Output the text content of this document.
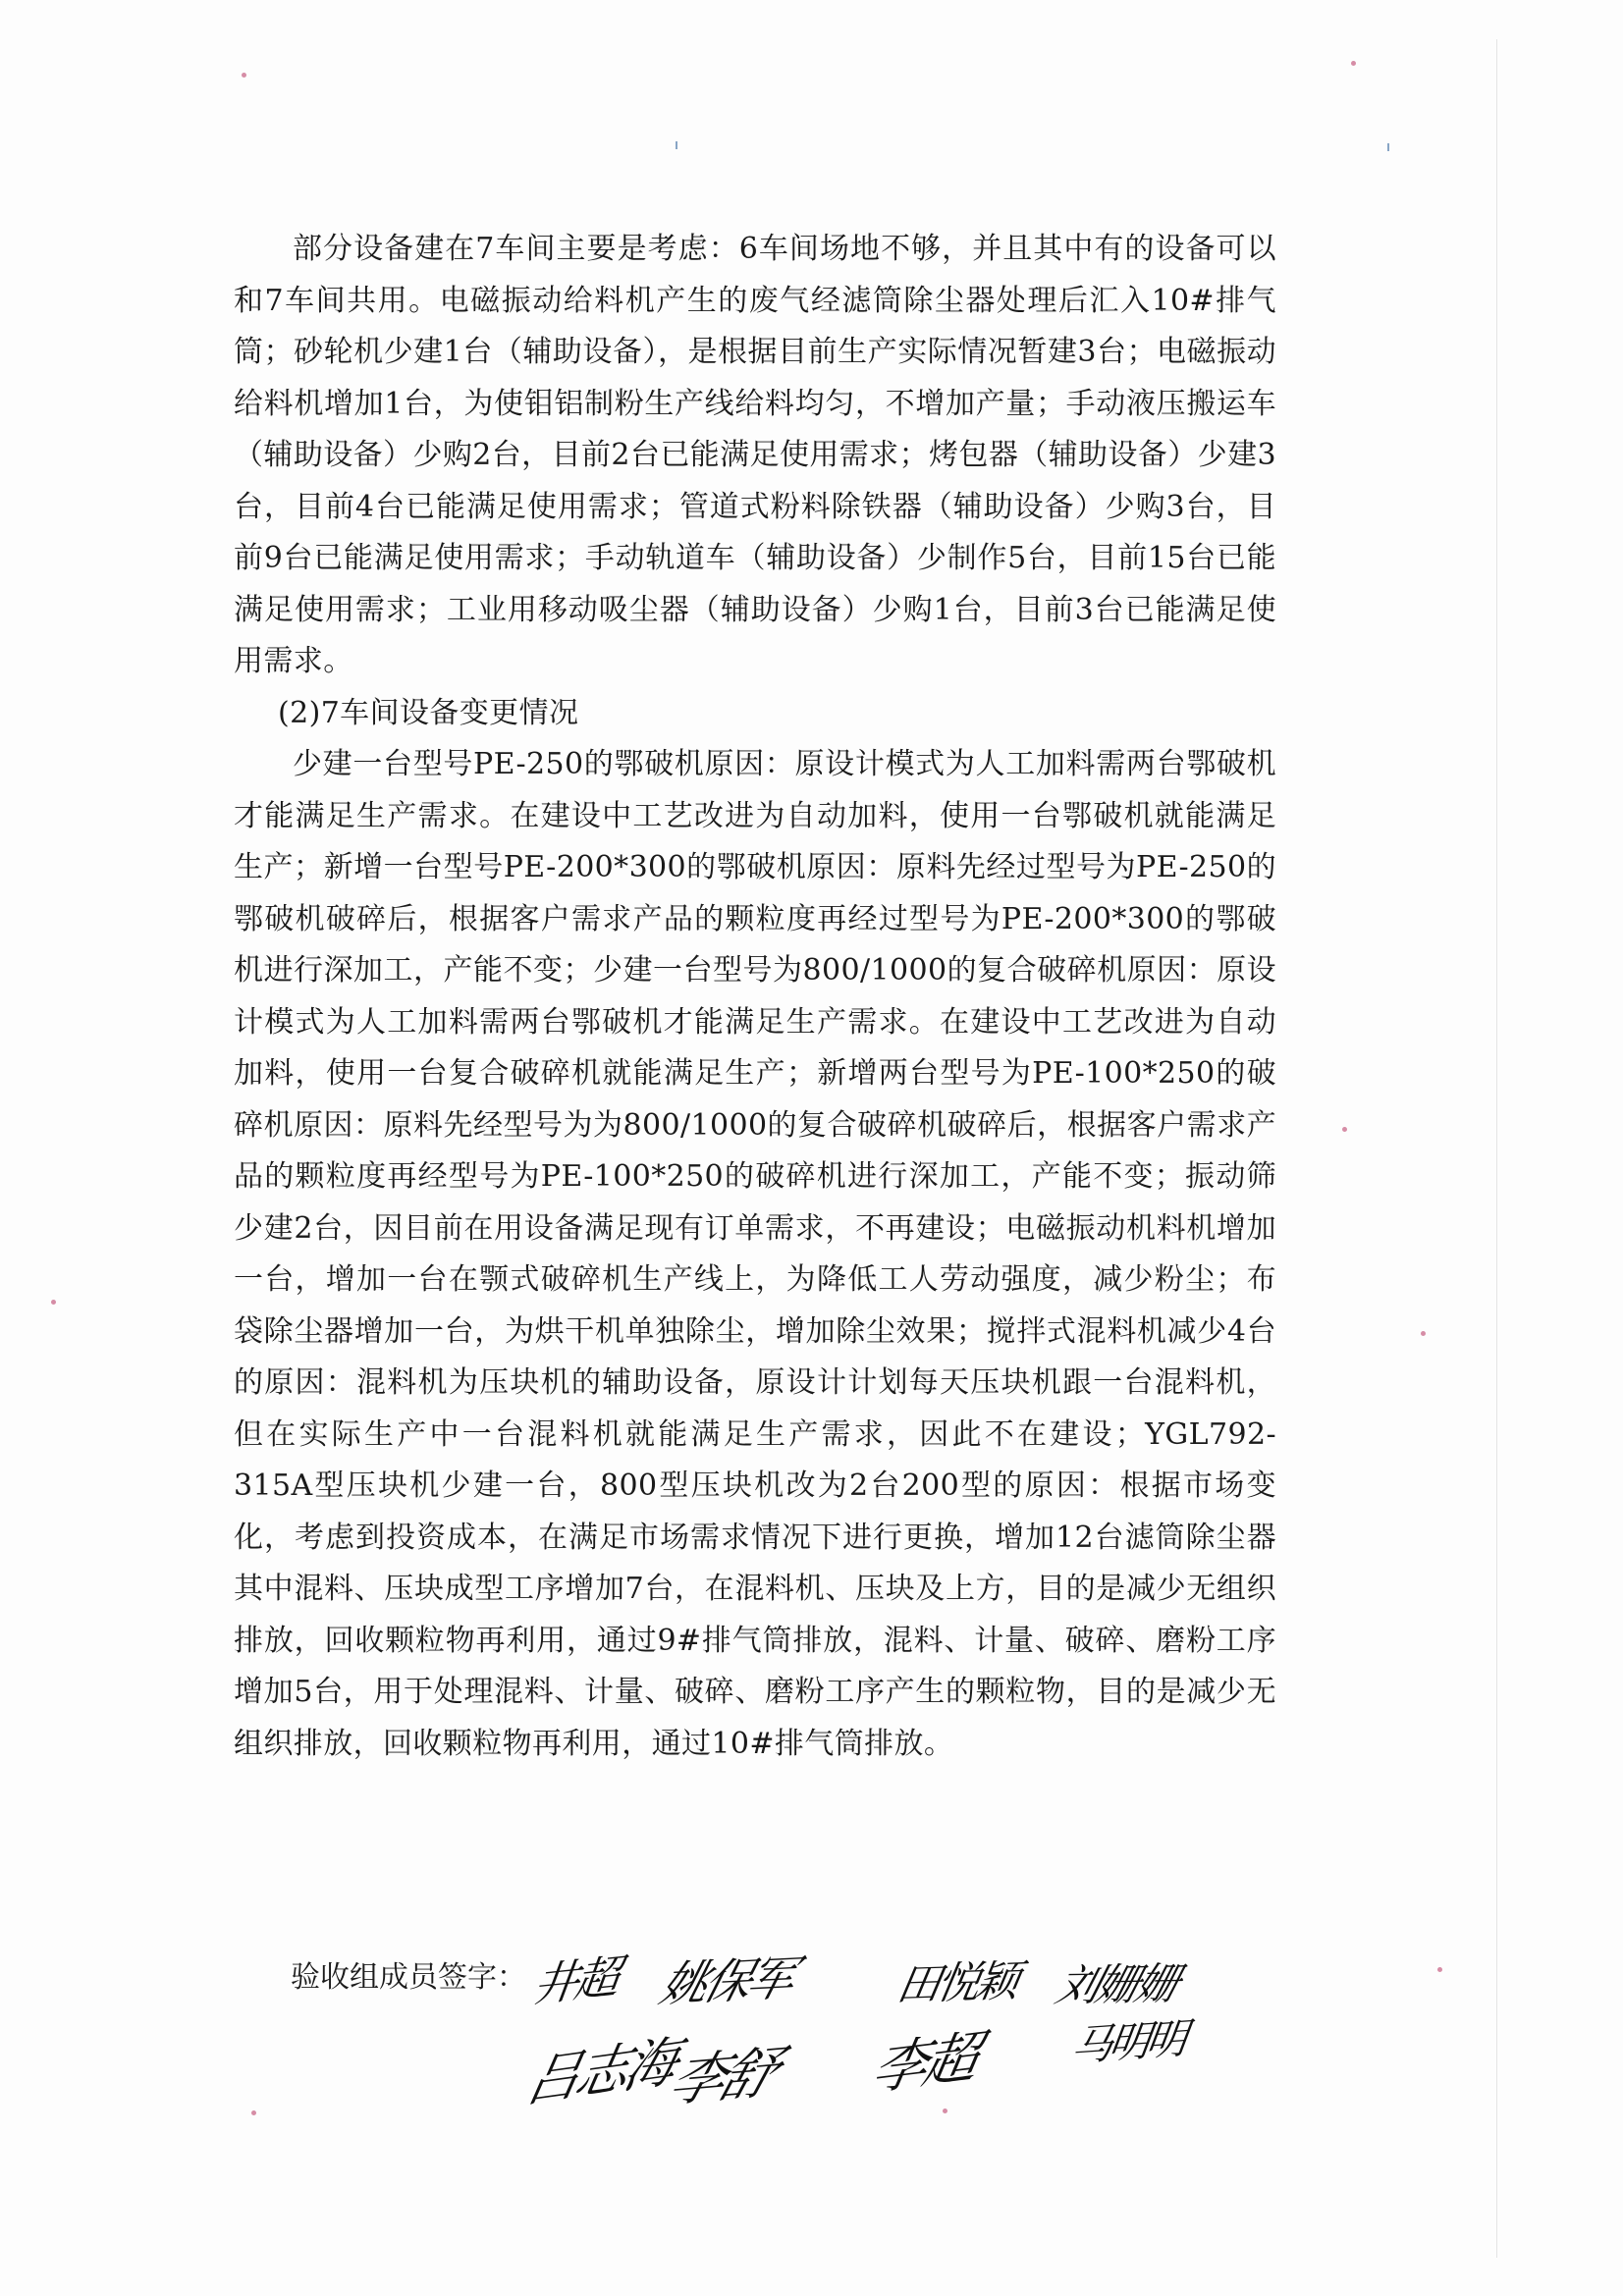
部分设备建在7车间主要是考虑：6车间场地不够，并且其中有的设备可以和7车间共用。电磁振动给料机产生的废气经滤筒除尘器处理后汇入10#排气筒；砂轮机少建1台（辅助设备），是根据目前生产实际情况暂建3台；电磁振动给料机增加1台，为使钼铝制粉生产线给料均匀，不增加产量；手动液压搬运车（辅助设备）少购2台，目前2台已能满足使用需求；烤包器（辅助设备）少建3台，目前4台已能满足使用需求；管道式粉料除铁器（辅助设备）少购3台，目前9台已能满足使用需求；手动轨道车（辅助设备）少制作5台，目前15台已能满足使用需求；工业用移动吸尘器（辅助设备）少购1台，目前3台已能满足使用需求。

(2)7车间设备变更情况

少建一台型号PE-250的鄂破机原因：原设计模式为人工加料需两台鄂破机才能满足生产需求。在建设中工艺改进为自动加料，使用一台鄂破机就能满足生产；新增一台型号PE-200*300的鄂破机原因：原料先经过型号为PE-250的鄂破机破碎后，根据客户需求产品的颗粒度再经过型号为PE-200*300的鄂破机进行深加工，产能不变；少建一台型号为800/1000的复合破碎机原因：原设计模式为人工加料需两台鄂破机才能满足生产需求。在建设中工艺改进为自动加料，使用一台复合破碎机就能满足生产；新增两台型号为PE-100*250的破碎机原因：原料先经型号为为800/1000的复合破碎机破碎后，根据客户需求产品的颗粒度再经型号为PE-100*250的破碎机进行深加工，产能不变；振动筛少建2台，因目前在用设备满足现有订单需求，不再建设；电磁振动机料机增加一台，增加一台在颚式破碎机生产线上，为降低工人劳动强度，减少粉尘；布袋除尘器增加一台，为烘干机单独除尘，增加除尘效果；搅拌式混料机减少4台的原因：混料机为压块机的辅助设备，原设计计划每天压块机跟一台混料机，但在实际生产中一台混料机就能满足生产需求，因此不在建设；YGL792-315A型压块机少建一台，800型压块机改为2台200型的原因：根据市场变化，考虑到投资成本，在满足市场需求情况下进行更换，增加12台滤筒除尘器其中混料、压块成型工序增加7台，在混料机、压块及上方，目的是减少无组织排放，回收颗粒物再利用，通过9#排气筒排放，混料、计量、破碎、磨粉工序增加5台，用于处理混料、计量、破碎、磨粉工序产生的颗粒物，目的是减少无组织排放，回收颗粒物再利用，通过10#排气筒排放。

验收组成员签字： 井超 姚保军 田悦颖 刘姗姗
吕志海
李舒 李超 马明明
